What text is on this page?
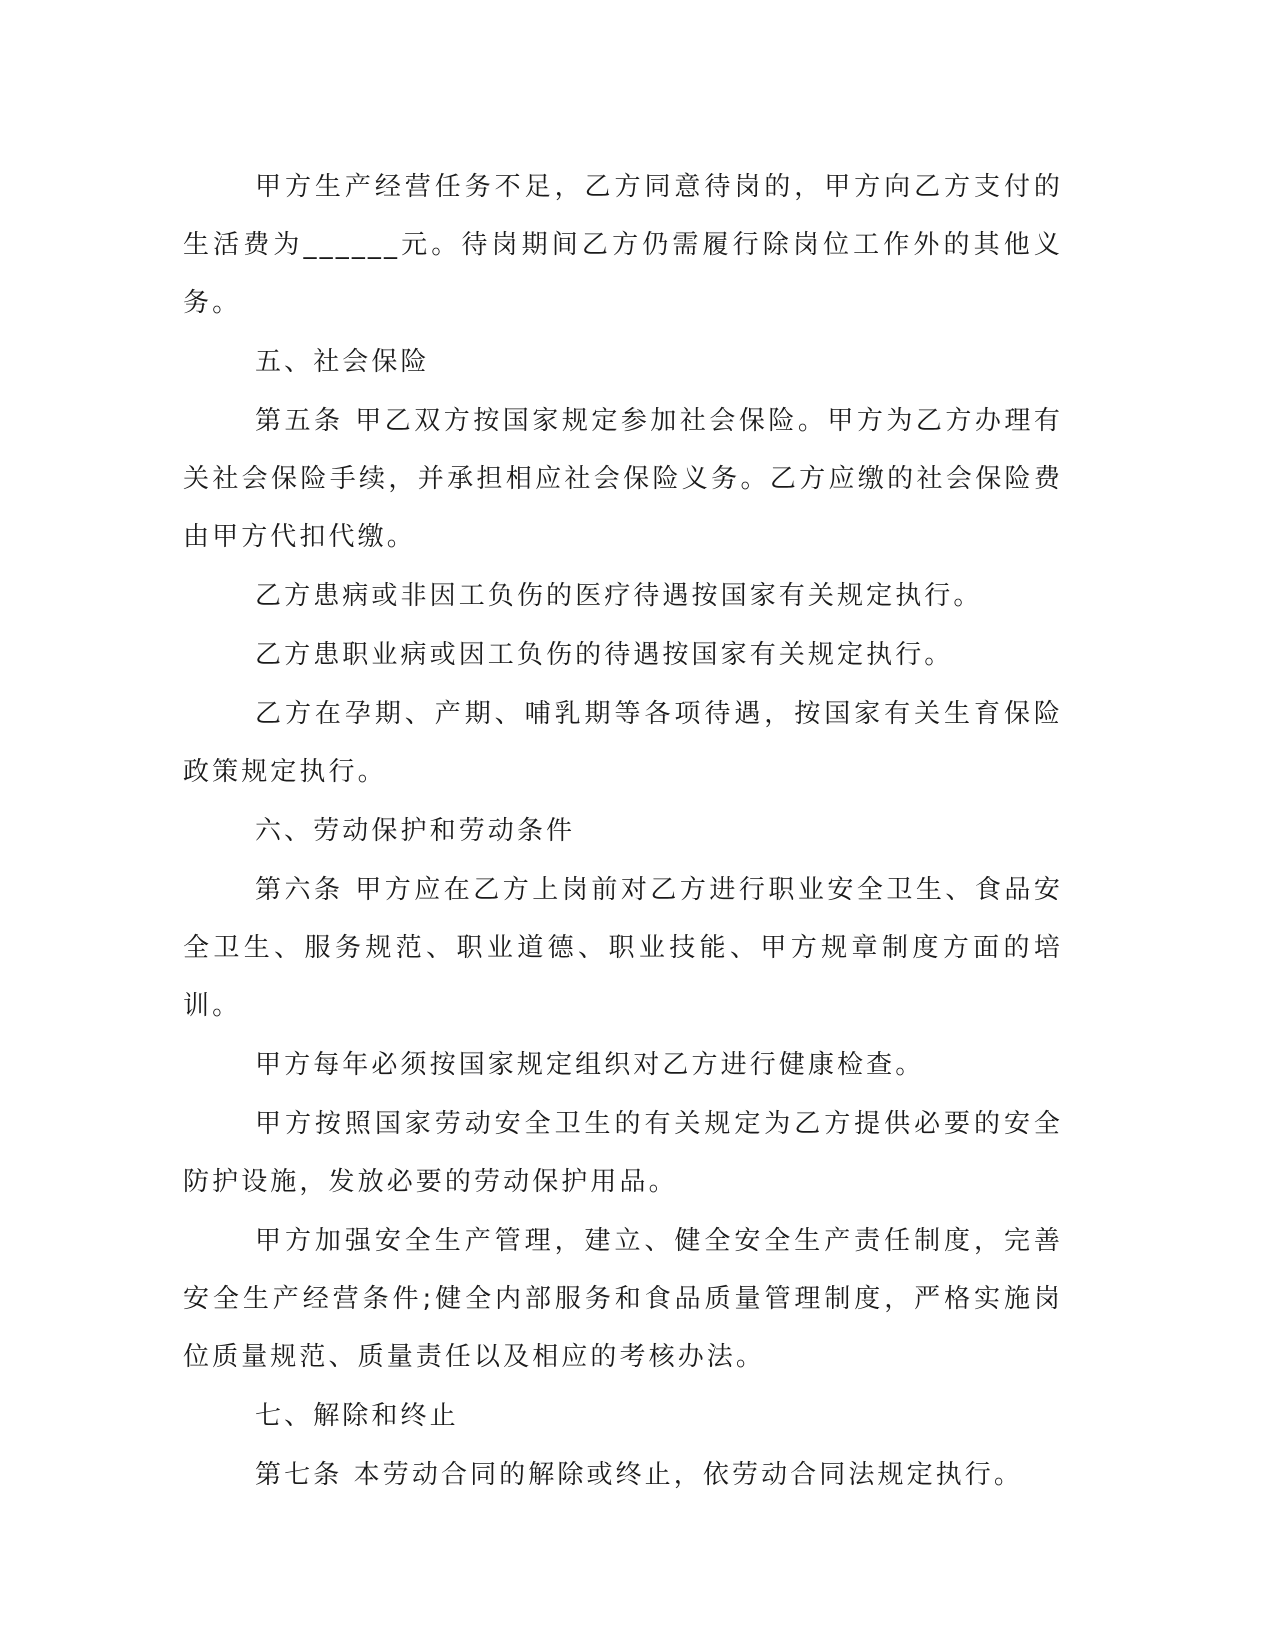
甲方生产经营任务不足，乙方同意待岗的，甲方向乙方支付的生活费为______元。待岗期间乙方仍需履行除岗位工作外的其他义务。

五、社会保险

第五条 甲乙双方按国家规定参加社会保险。甲方为乙方办理有关社会保险手续，并承担相应社会保险义务。乙方应缴的社会保险费由甲方代扣代缴。

乙方患病或非因工负伤的医疗待遇按国家有关规定执行。

乙方患职业病或因工负伤的待遇按国家有关规定执行。

乙方在孕期、产期、哺乳期等各项待遇，按国家有关生育保险政策规定执行。

六、劳动保护和劳动条件

第六条 甲方应在乙方上岗前对乙方进行职业安全卫生、食品安全卫生、服务规范、职业道德、职业技能、甲方规章制度方面的培训。

甲方每年必须按国家规定组织对乙方进行健康检查。

甲方按照国家劳动安全卫生的有关规定为乙方提供必要的安全防护设施，发放必要的劳动保护用品。

甲方加强安全生产管理，建立、健全安全生产责任制度，完善安全生产经营条件;健全内部服务和食品质量管理制度，严格实施岗位质量规范、质量责任以及相应的考核办法。

七、解除和终止

第七条 本劳动合同的解除或终止，依劳动合同法规定执行。
